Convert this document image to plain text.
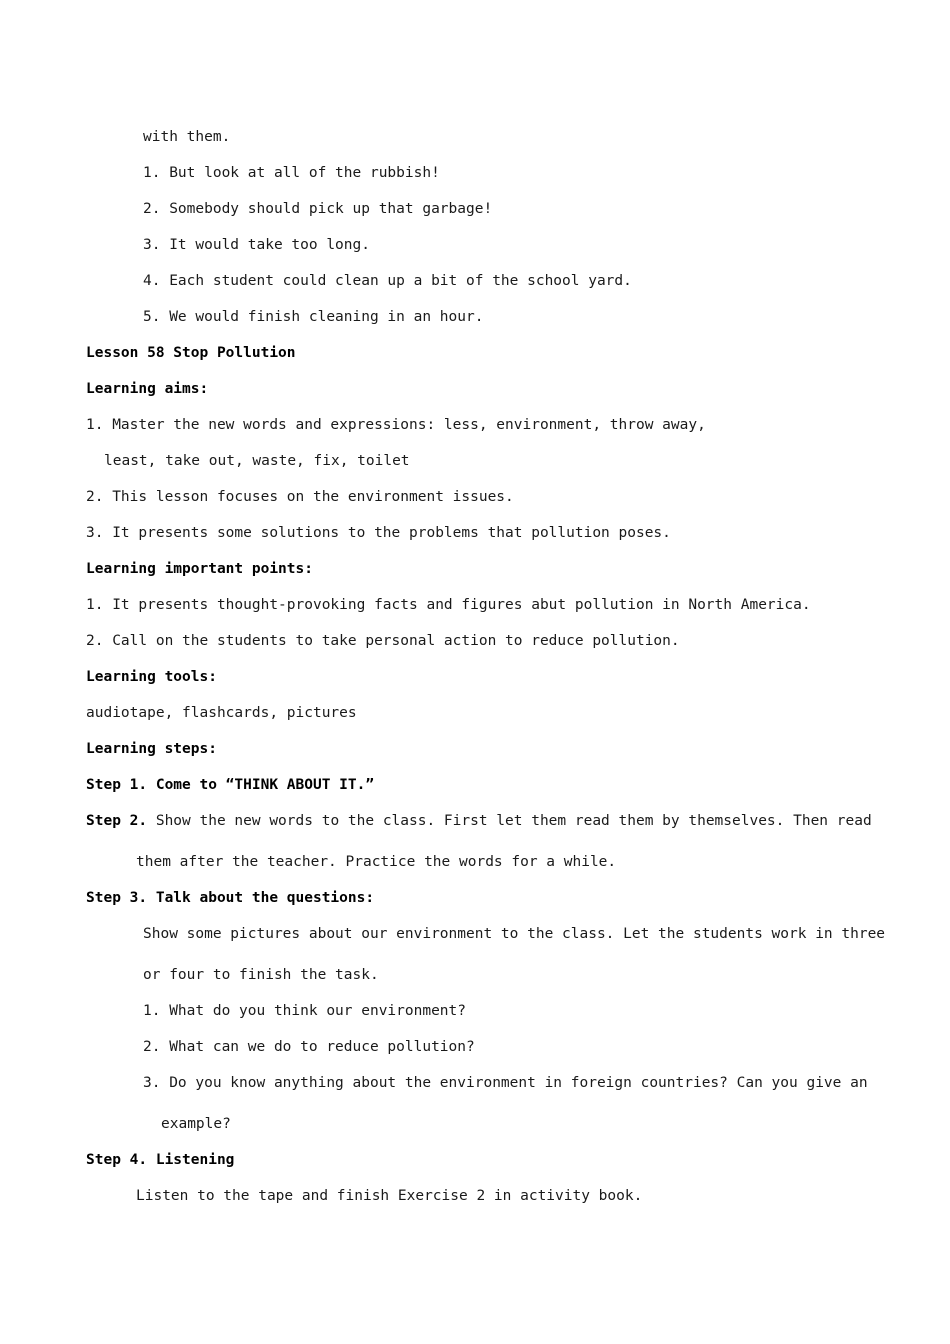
with them.
1. But look at all of the rubbish!
2. Somebody should pick up that garbage!
3. It would take too long.
4. Each student could clean up a bit of the school yard.
5. We would finish cleaning in an hour.
Lesson 58 Stop Pollution
Learning aims:
1. Master the new words and expressions: less, environment, throw away,
least, take out, waste, fix, toilet
2. This lesson focuses on the environment issues.
3. It presents some solutions to the problems that pollution poses.
Learning important points:
1. It presents thought-provoking facts and figures abut pollution in North America.
2. Call on the students to take personal action to reduce pollution.
Learning tools:
audiotape, flashcards, pictures
Learning steps:
Step 1. Come to “THINK ABOUT IT.”
Step 2. Show the new words to the class. First let them read them by themselves. Then read
them after the teacher. Practice the words for a while.
Step 3. Talk about the questions:
Show some pictures about our environment to the class. Let the students work in three
or four to finish the task.
1. What do you think our environment?
2. What can we do to reduce pollution?
3. Do you know anything about the environment in foreign countries? Can you give an
example?
Step 4. Listening
Listen to the tape and finish Exercise 2 in activity book.
